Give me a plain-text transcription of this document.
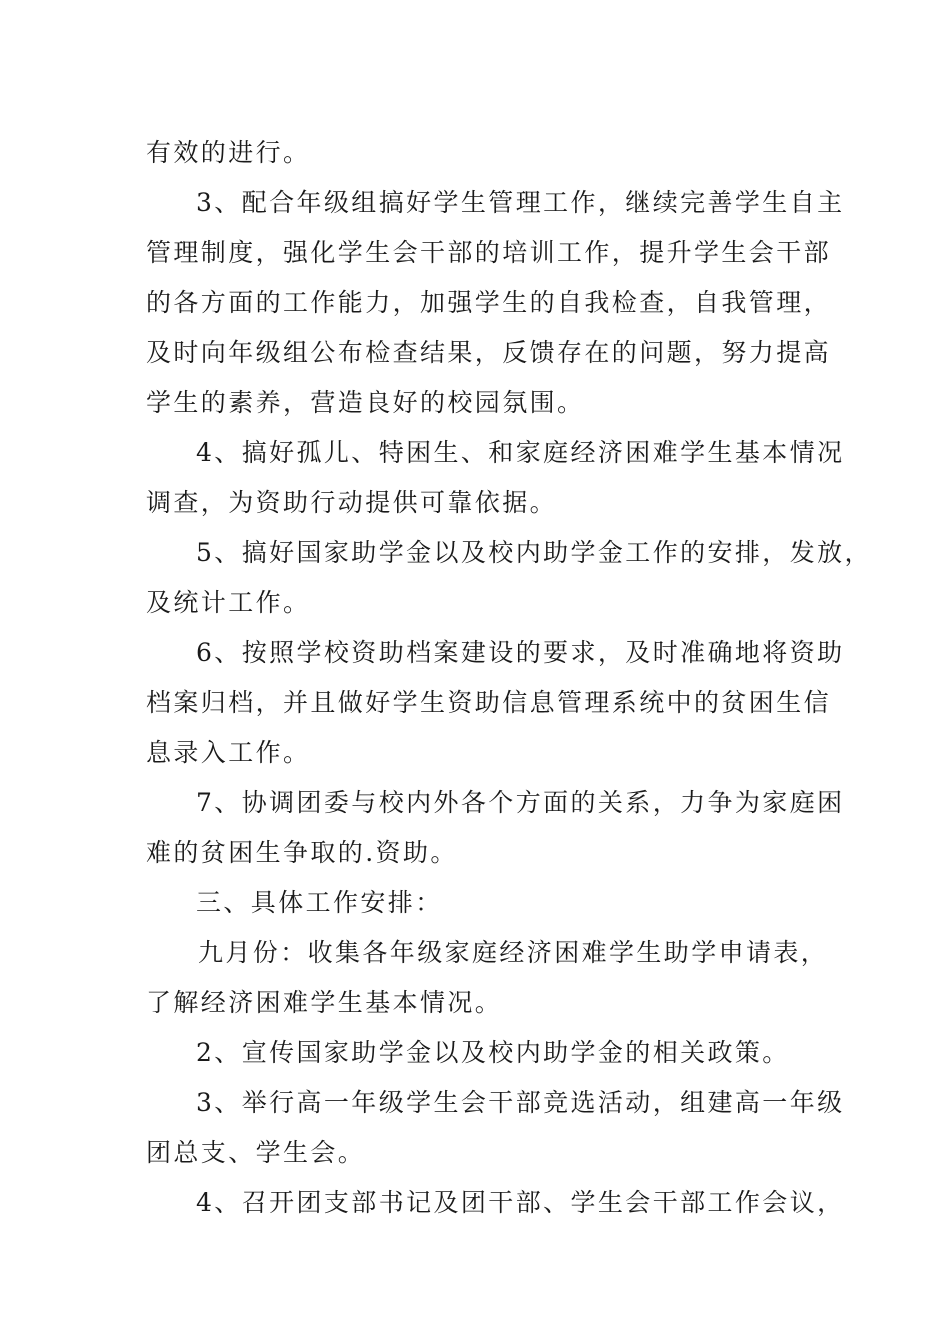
有效的进行。
3、配合年级组搞好学生管理工作，继续完善学生自主
管理制度，强化学生会干部的培训工作，提升学生会干部
的各方面的工作能力，加强学生的自我检查，自我管理，
及时向年级组公布检查结果，反馈存在的问题，努力提高
学生的素养，营造良好的校园氛围。
4、搞好孤儿、特困生、和家庭经济困难学生基本情况
调查，为资助行动提供可靠依据。
5、搞好国家助学金以及校内助学金工作的安排，发放，
及统计工作。
6、按照学校资助档案建设的要求，及时准确地将资助
档案归档，并且做好学生资助信息管理系统中的贫困生信
息录入工作。
7、协调团委与校内外各个方面的关系，力争为家庭困
难的贫困生争取的.资助。
三、具体工作安排：
九月份：收集各年级家庭经济困难学生助学申请表，
了解经济困难学生基本情况。
2、宣传国家助学金以及校内助学金的相关政策。
3、举行高一年级学生会干部竞选活动，组建高一年级
团总支、学生会。
4、召开团支部书记及团干部、学生会干部工作会议，
